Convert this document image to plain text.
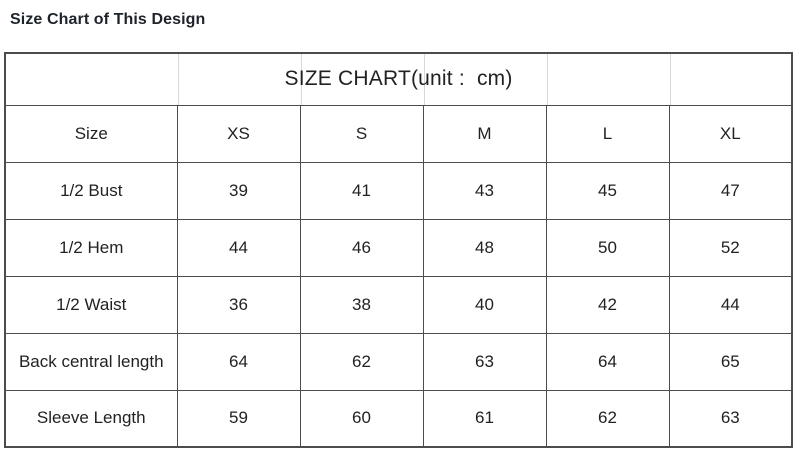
Size Chart of This Design
SIZE CHART(unit :  cm)					
Size	XS	S	M	L	XL
1/2 Bust	39	41	43	45	47
1/2 Hem	44	46	48	50	52
1/2 Waist	36	38	40	42	44
Back central length	64	62	63	64	65
Sleeve Length	59	60	61	62	63
